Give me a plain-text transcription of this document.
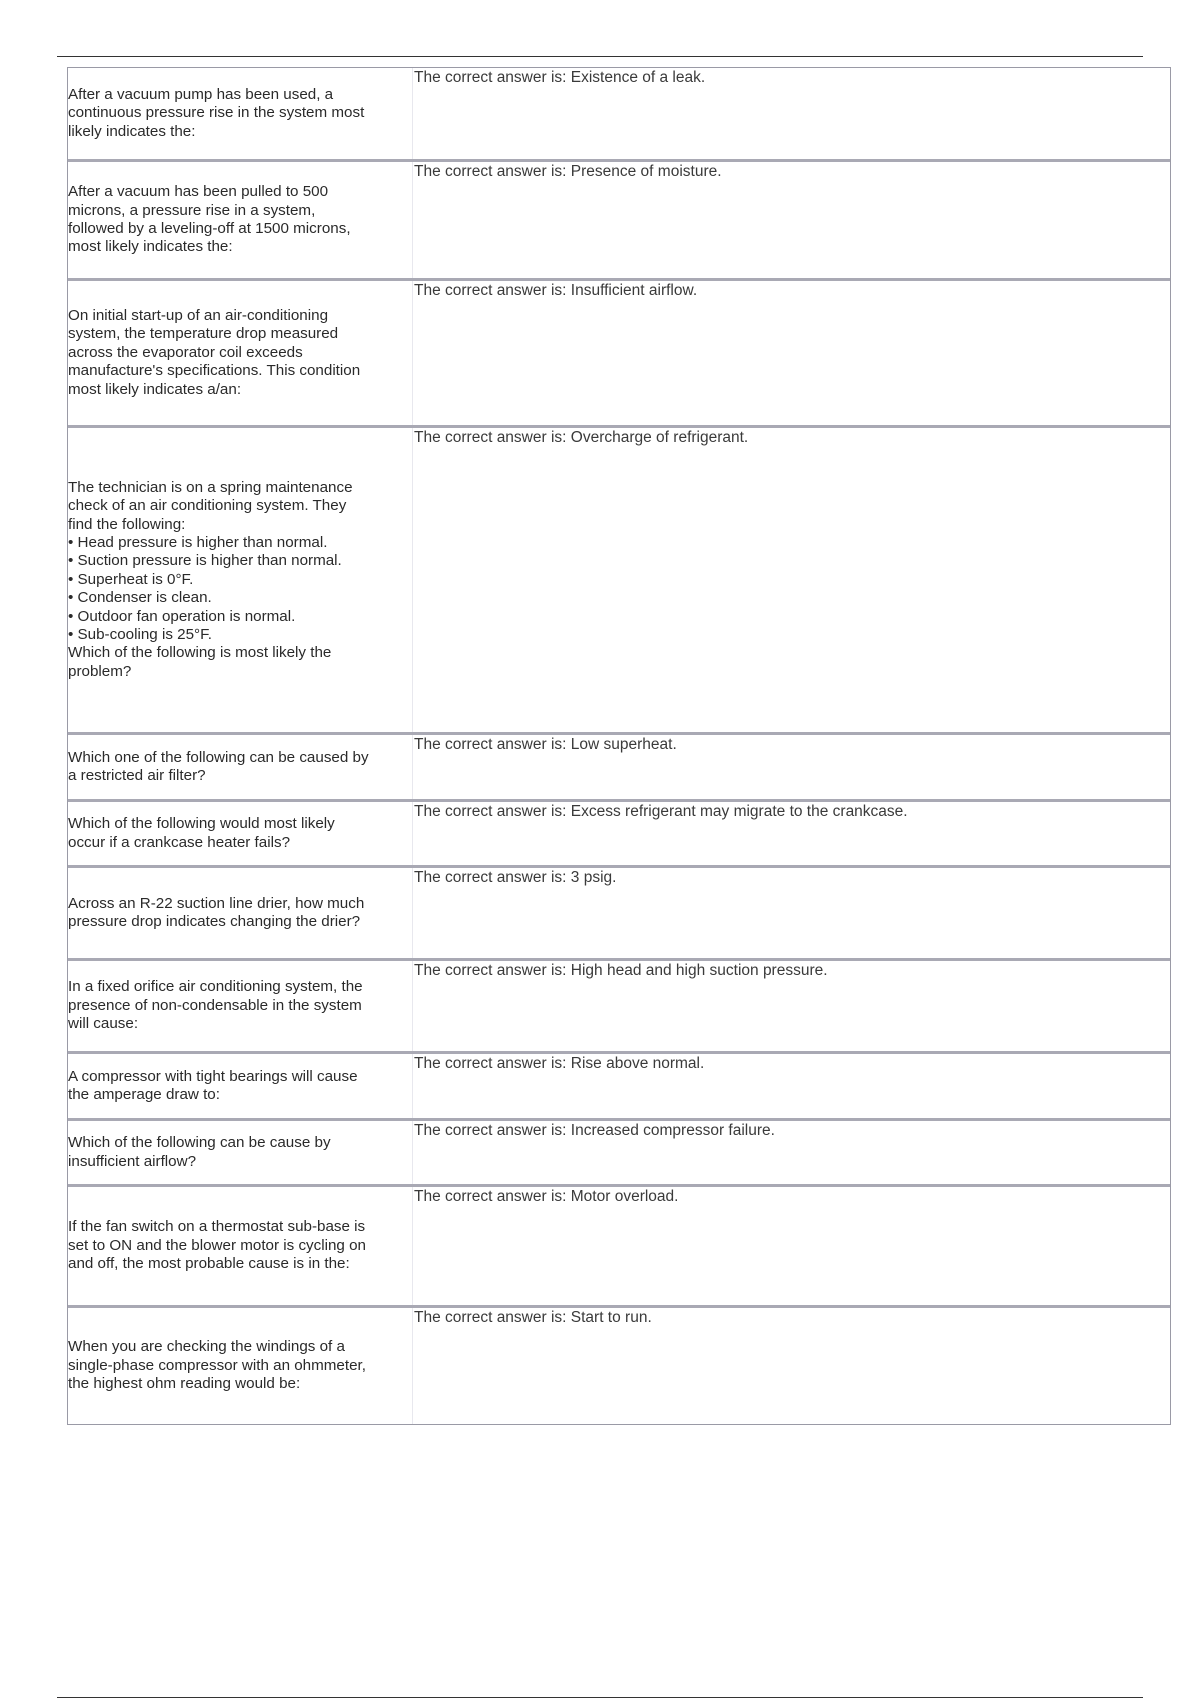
After a vacuum pump has been used, a
continuous pressure rise in the system most
likely indicates the:
The correct answer is: Existence of a leak.
After a vacuum has been pulled to 500
microns, a pressure rise in a system,
followed by a leveling-off at 1500 microns,
most likely indicates the:
The correct answer is: Presence of moisture.
On initial start-up of an air-conditioning
system, the temperature drop measured
across the evaporator coil exceeds
manufacture's specifications. This condition
most likely indicates a/an:
The correct answer is: Insufficient airflow.
The technician is on a spring maintenance
check of an air conditioning system. They
find the following:
• Head pressure is higher than normal.
• Suction pressure is higher than normal.
• Superheat is 0°F.
• Condenser is clean.
• Outdoor fan operation is normal.
• Sub-cooling is 25°F.
Which of the following is most likely the
problem?
The correct answer is: Overcharge of refrigerant.
Which one of the following can be caused by
a restricted air filter?
The correct answer is: Low superheat.
Which of the following would most likely
occur if a crankcase heater fails?
The correct answer is: Excess refrigerant may migrate to the crankcase.
Across an R-22 suction line drier, how much
pressure drop indicates changing the drier?
The correct answer is: 3 psig.
In a fixed orifice air conditioning system, the
presence of non-condensable in the system
will cause:
The correct answer is: High head and high suction pressure.
A compressor with tight bearings will cause
the amperage draw to:
The correct answer is: Rise above normal.
Which of the following can be cause by
insufficient airflow?
The correct answer is: Increased compressor failure.
If the fan switch on a thermostat sub-base is
set to ON and the blower motor is cycling on
and off, the most probable cause is in the:
The correct answer is: Motor overload.
When you are checking the windings of a
single-phase compressor with an ohmmeter,
the highest ohm reading would be:
The correct answer is: Start to run.
